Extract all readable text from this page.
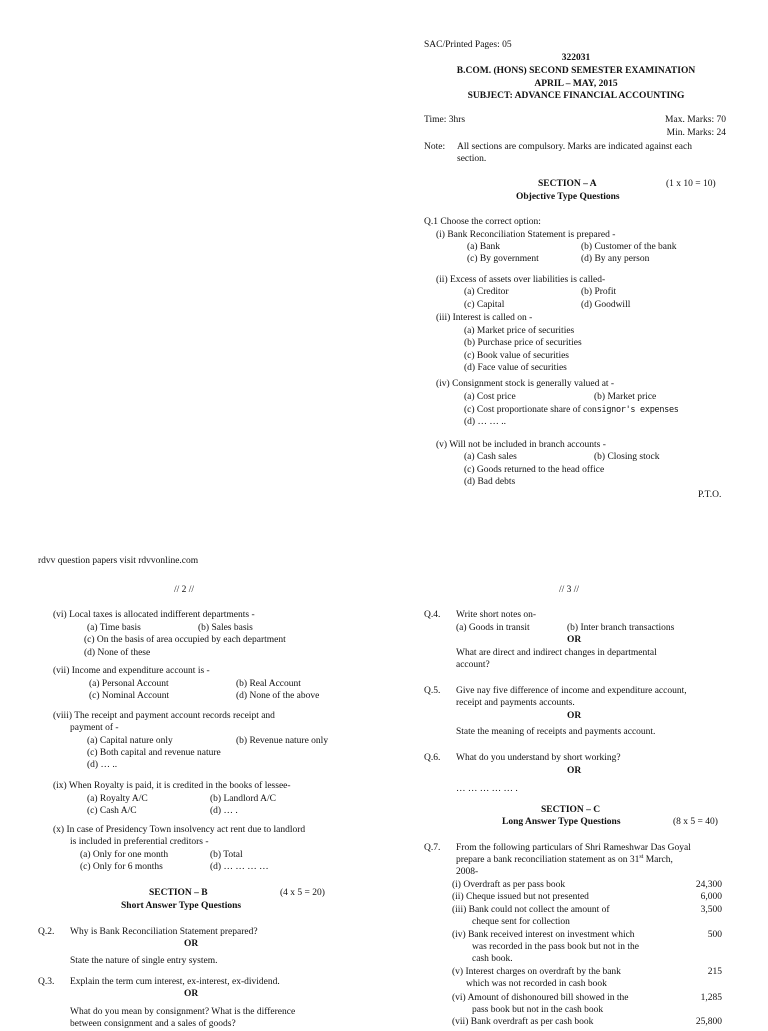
SAC/Printed Pages: 05
322031
B.COM. (HONS) SECOND SEMESTER EXAMINATION
APRIL – MAY, 2015
SUBJECT: ADVANCE FINANCIAL ACCOUNTING
Time: 3hrs	Max. Marks: 70
Min. Marks: 24
Note: All sections are compulsory. Marks are indicated against each
section.
SECTION – A	(1 x 10 = 10)
Objective Type Questions
Q.1 Choose the correct option:
(i) Bank Reconciliation Statement is prepared -
(a) Bank	(b) Customer of the bank
(c) By government	(d) By any person
(ii) Excess of assets over liabilities is called-
(a) Creditor	(b) Profit
(c) Capital	(d) Goodwill
(iii) Interest is called on -
(a) Market price of securities
(b) Purchase price of securities
(c) Book value of securities
(d) Face value of securities
(iv) Consignment stock is generally valued at -
(a) Cost price	(b) Market price
(c) Cost proportionate share of consignor's expenses
(d) … … ..
(v) Will not be included in branch accounts -
(a) Cash sales	(b) Closing stock
(c) Goods returned to the head office
(d) Bad debts
P.T.O.
rdvv question papers visit rdvvonline.com
// 2 //
(vi) Local taxes is allocated indifferent departments -
(a) Time basis	(b) Sales basis
(c) On the basis of area occupied by each department
(d) None of these
(vii) Income and expenditure account is -
(a) Personal Account	(b) Real Account
(c) Nominal Account	(d) None of the above
(viii) The receipt and payment account records receipt and
payment of -
(a) Capital nature only	(b) Revenue nature only
(c) Both capital and revenue nature
(d) … ..
(ix) When Royalty is paid, it is credited in the books of lessee-
(a) Royalty A/C	(b) Landlord A/C
(c) Cash A/C	(d) … .
(x) In case of Presidency Town insolvency act rent due to landlord
is included in preferential creditors -
(a) Only for one month	(b) Total
(c) Only for 6 months	(d) … … … …
SECTION – B	(4 x 5 = 20)
Short Answer Type Questions
Q.2. Why is Bank Reconciliation Statement prepared?
OR
State the nature of single entry system.
Q.3. Explain the term cum interest, ex-interest, ex-dividend.
OR
What do you mean by consignment? What is the difference
between consignment and a sales of goods?
// 3 //
Q.4. Write short notes on-
(a) Goods in transit	(b) Inter branch transactions
OR
What are direct and indirect changes in departmental
account?
Q.5. Give nay five difference of income and expenditure account,
receipt and payments accounts.
OR
State the meaning of receipts and payments account.
Q.6. What do you understand by short working?
OR
… … … … … .
SECTION – C
(8 x 5 = 40)
Long Answer Type Questions
Q.7. From the following particulars of Shri Rameshwar Das Goyal
prepare a bank reconciliation statement as on 31st March,
2008-
(i) Overdraft as per pass book	24,300
(ii) Cheque issued but not presented	6,000
(iii) Bank could not collect the amount of
cheque sent for collection
3,500
(iv) Bank received interest on investment which
was recorded in the pass book but not in the
cash book.
500
(v) Interest charges on overdraft by the bank
which was not recorded in cash book
215
(vi) Amount of dishonoured bill showed in the
pass book but not in the cash book
1,285
(vii) Bank overdraft as per cash book	25,800
